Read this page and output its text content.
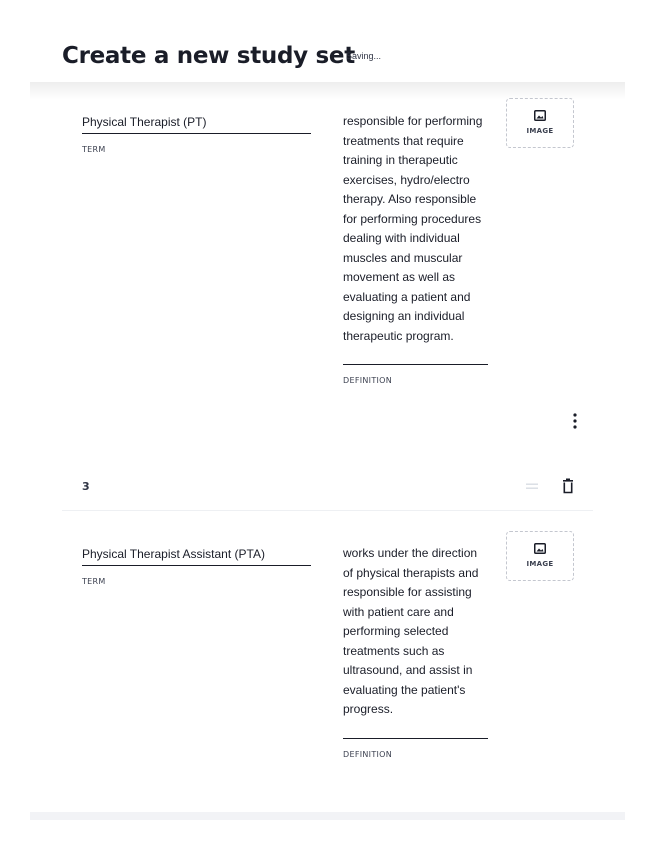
Create a new study set
Saving...
Physical Therapist (PT)
TERM
responsible for performing treatments that require training in therapeutic exercises, hydro/electro therapy. Also responsible for performing procedures dealing with individual muscles and muscular movement as well as evaluating a patient and designing an individual therapeutic program.
DEFINITION
IMAGE
3
Physical Therapist Assistant (PTA)
TERM
works under the direction of physical therapists and responsible for assisting with patient care and performing selected treatments such as ultrasound, and assist in evaluating the patient's progress.
DEFINITION
IMAGE
